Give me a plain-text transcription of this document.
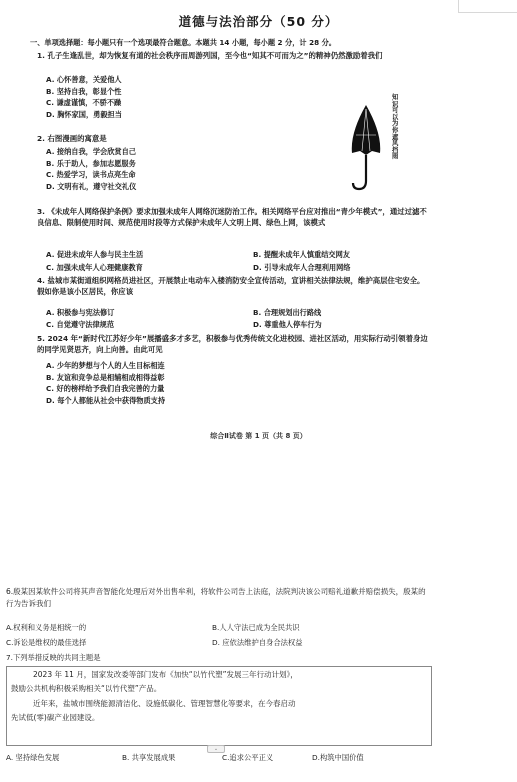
道德与法治部分（50 分）
一、单项选择题：每小题只有一个选项最符合题意。本题共 14 小题，每小题 2 分，计 28 分。
1. 孔子生逢乱世，却为恢复有道的社会秩序而周游列国，至今也“知其不可而为之”的精神仍然激励着我们
A. 心怀善意，关爱他人
B. 坚持自我，彰显个性
C. 谦虚谨慎，不骄不躁
D. 胸怀家国，勇毅担当
知识可以为你遮风挡雨
2. 右图漫画的寓意是
A. 接纳自我，学会欣赏自己
B. 乐于助人，参加志愿服务
C. 热爱学习，读书点亮生命
D. 文明有礼，遵守社交礼仪
3. 《未成年人网络保护条例》要求加强未成年人网络沉迷防治工作。相关网络平台应对推出“青少年模式”，通过过滤不良信息、限制使用时间、规范使用时段等方式保护未成年人文明上网、绿色上网，该模式
A. 促进未成年人参与民主生活	B. 提醒未成年人慎重结交网友
C. 加强未成年人心理健康教育	D. 引导未成年人合理利用网络
4. 盐城市某街道组织网格员进社区，开展禁止电动车入楼消防安全宣传活动，宣讲相关法律法规，维护高层住宅安全。假如你是该小区居民，你应该
A. 积极参与宪法修订	B. 合理规划出行路线
C. 自觉遵守法律规范	D. 尊重他人停车行为
5. 2024 年“新时代江苏好少年”展播盛多才多艺，积极参与优秀传统文化进校园、进社区活动，用实际行动引领着身边的同学见贤思齐，向上向善。由此可见
A. 少年的梦想与个人的人生目标相连
B. 友谊和竞争总是相辅相成相得益彰
C. 好的榜样给予我们自我完善的力量
D. 每个人都能从社会中获得物质支持
综合Ⅱ试卷 第 1 页（共 8 页）
6.殷某因某软件公司将其声音智能化处理后对外出售牟利，将软件公司告上法庭，法院判决该公司赔礼道歉并赔偿损失，殷某的行为告诉我们
A.权利和义务是相统一的	B.人人守法已成为全民共识
C.诉讼是维权的最佳选择	D. 应依法维护自身合法权益
7.下列举措反映的共同主题是
2023 年 11 月，国家发改委等部门发布《加快“以竹代塑”发展三年行动计划》，
鼓励公共机构积极采购相关“以竹代塑”产品。
近年来，盐城市围绕能源清洁化、设施低碳化、管理智慧化等要求，在今春启动
先试低(零)碳产业园建设。
⌄
A. 坚持绿色发展	B. 共享发展成果	C.追求公平正义	D.构筑中国价值
